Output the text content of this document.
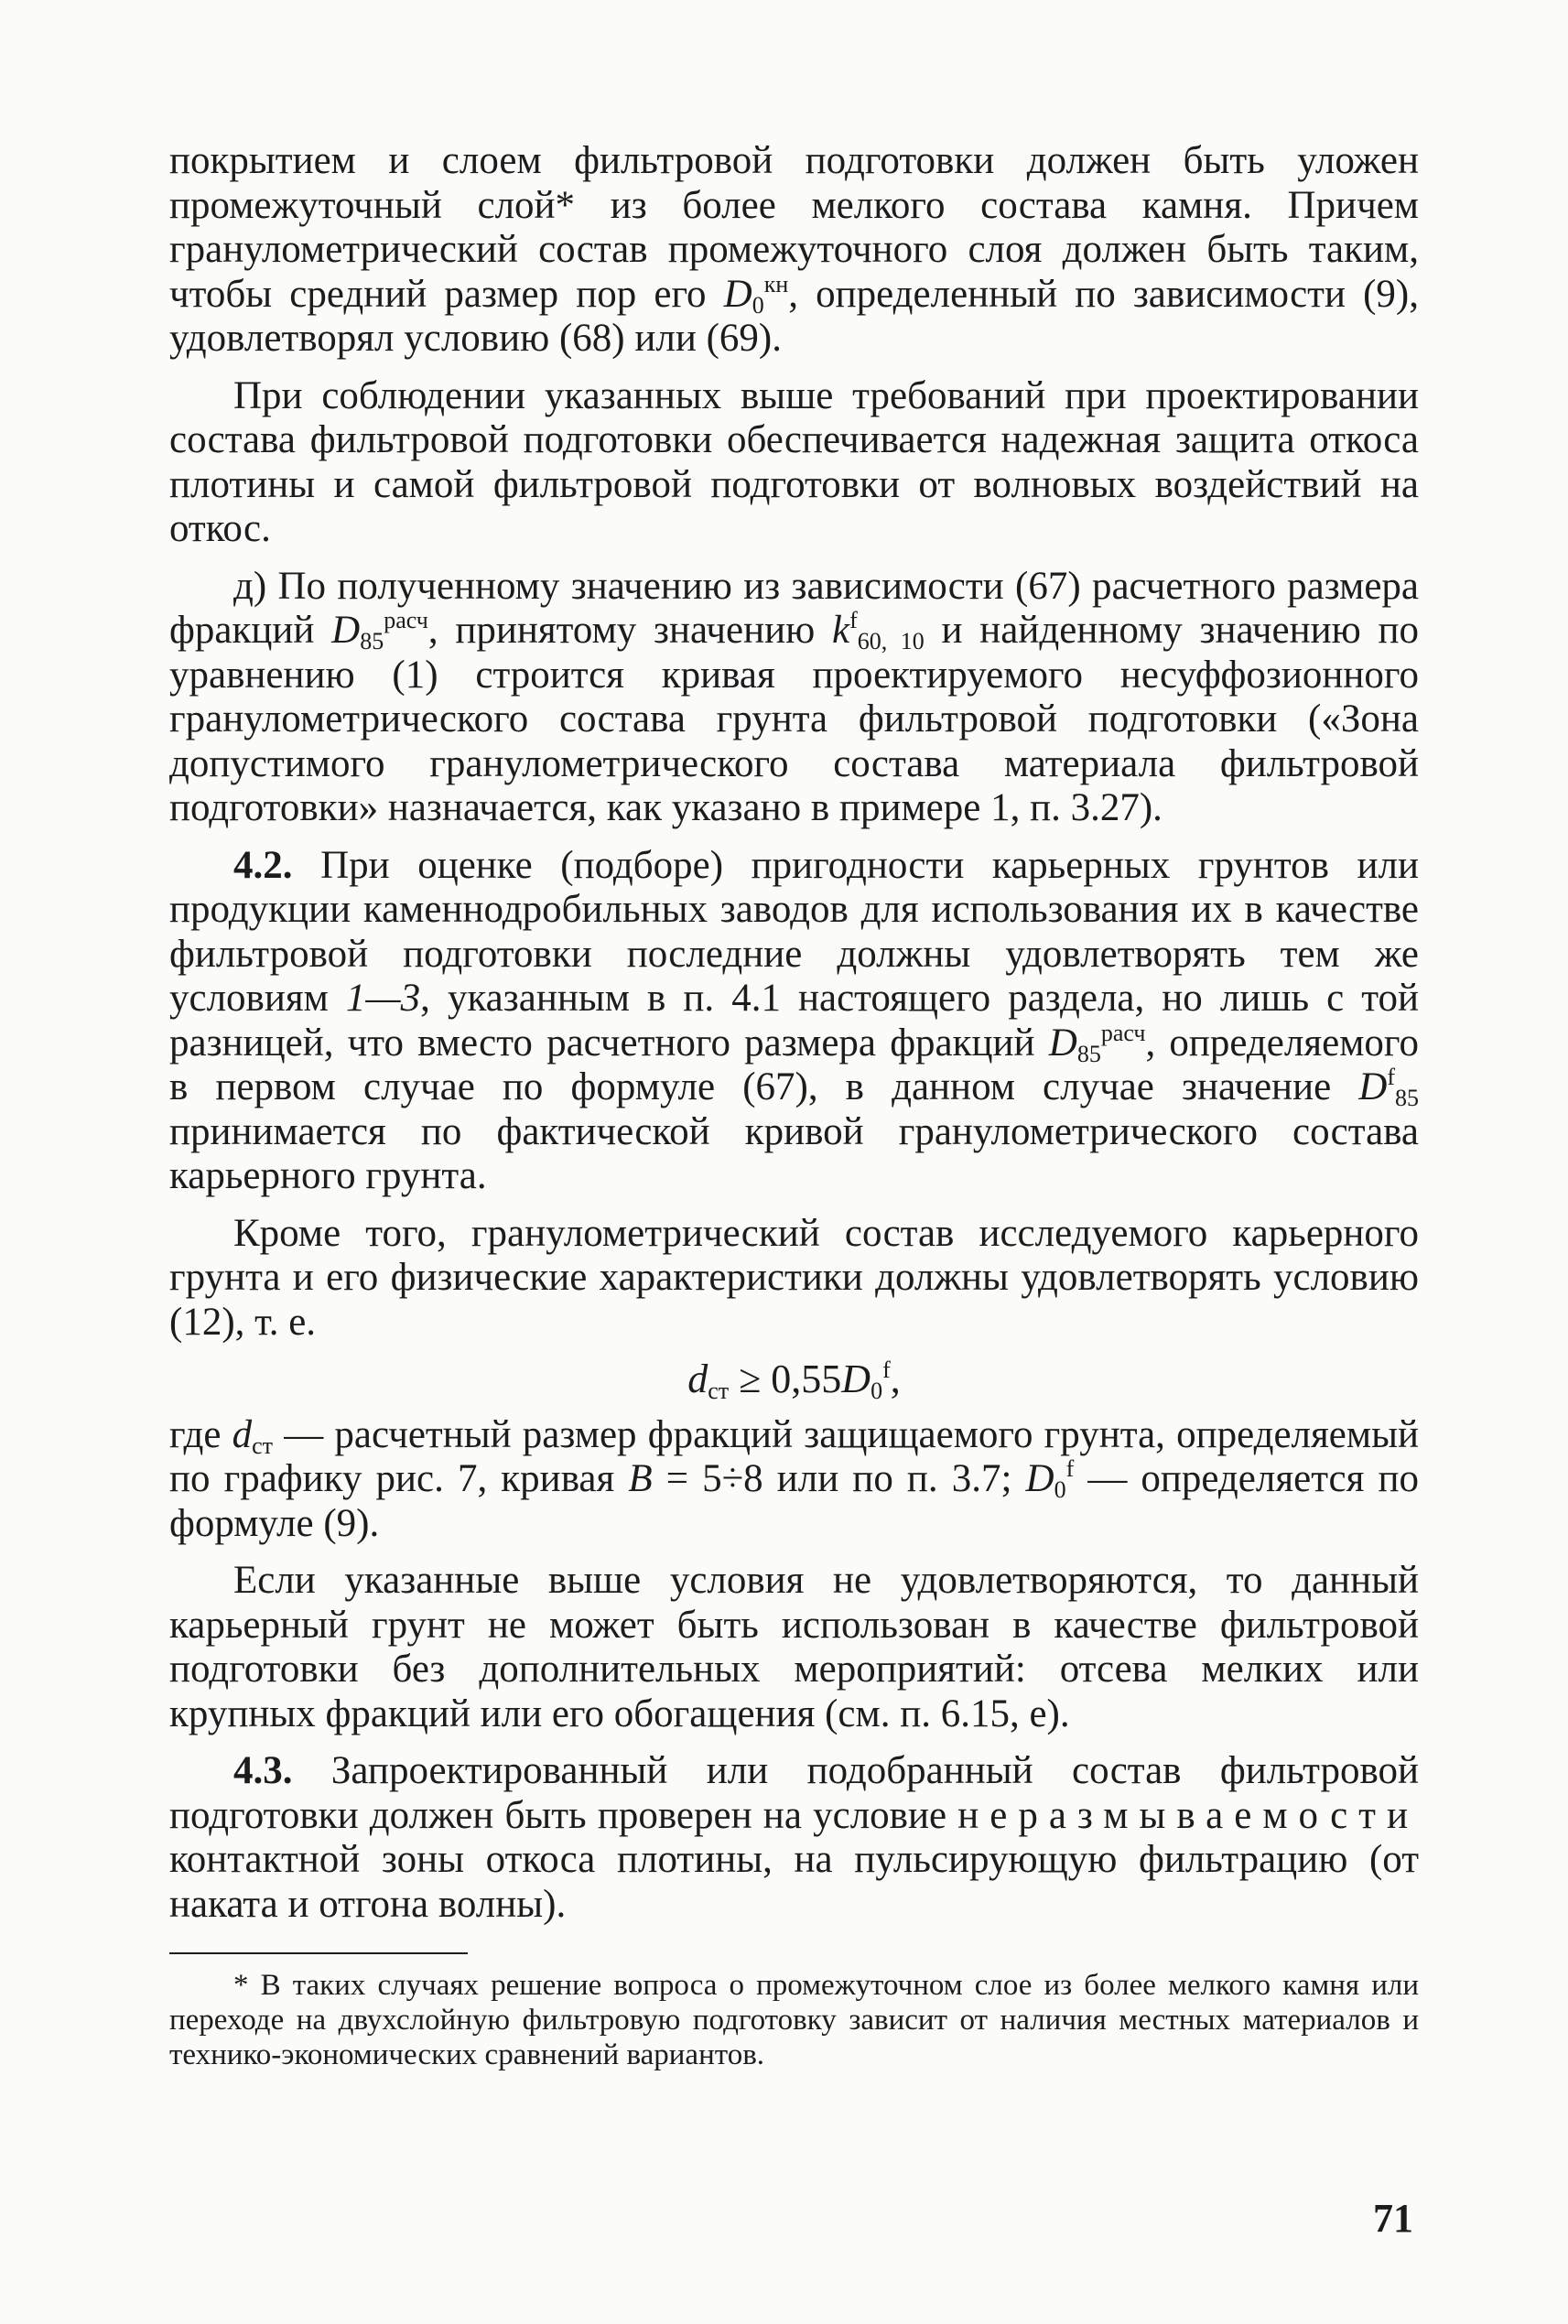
покрытием и слоем фильтровой подготовки должен быть уложен промежуточный слой* из более мелкого состава камня. Причем гранулометрический состав промежуточного слоя должен быть таким, чтобы средний размер пор его $D_0^{кн}$, определенный по зависимости (9), удовлетворял условию (68) или (69).

При соблюдении указанных выше требований при проектировании состава фильтровой подготовки обеспечивается надежная защита откоса плотины и самой фильтровой подготовки от волновых воздействий на откос.

д) По полученному значению из зависимости (67) расчетного размера фракций $D_{85}^{расч}$, принятому значению $k^f_{60, 10}$ и найденному значению по уравнению (1) строится кривая проектируемого несуффозионного гранулометрического состава грунта фильтровой подготовки («Зона допустимого гранулометрического состава материала фильтровой подготовки» назначается, как указано в примере 1, п. 3.27).

4.2. При оценке (подборе) пригодности карьерных грунтов или продукции каменнодробильных заводов для использования их в качестве фильтровой подготовки последние должны удовлетворять тем же условиям 1—3, указанным в п. 4.1 настоящего раздела, но лишь с той разницей, что вместо расчетного размера фракций $D_{85}^{расч}$, определяемого в первом случае по формуле (67), в данном случае значение $D^f_{85}$ принимается по фактической кривой гранулометрического состава карьерного грунта.

Кроме того, гранулометрический состав исследуемого карьерного грунта и его физические характеристики должны удовлетворять условию (12), т. е.

$d_{ст} \ge 0,55D_0^f$,

где $d_{ст}$ — расчетный размер фракций защищаемого грунта, определяемый по графику рис. 7, кривая B = 5÷8 или по п. 3.7; $D_0^f$ — определяется по формуле (9).

Если указанные выше условия не удовлетворяются, то данный карьерный грунт не может быть использован в качестве фильтровой подготовки без дополнительных мероприятий: отсева мелких или крупных фракций или его обогащения (см. п. 6.15, е).

4.3. Запроектированный или подобранный состав фильтровой подготовки должен быть проверен на условие неразмываемости контактной зоны откоса плотины, на пульсирующую фильтрацию (от наката и отгона волны).

* В таких случаях решение вопроса о промежуточном слое из более мелкого камня или переходе на двухслойную фильтровую подготовку зависит от наличия местных материалов и технико-экономических сравнений вариантов.
71
